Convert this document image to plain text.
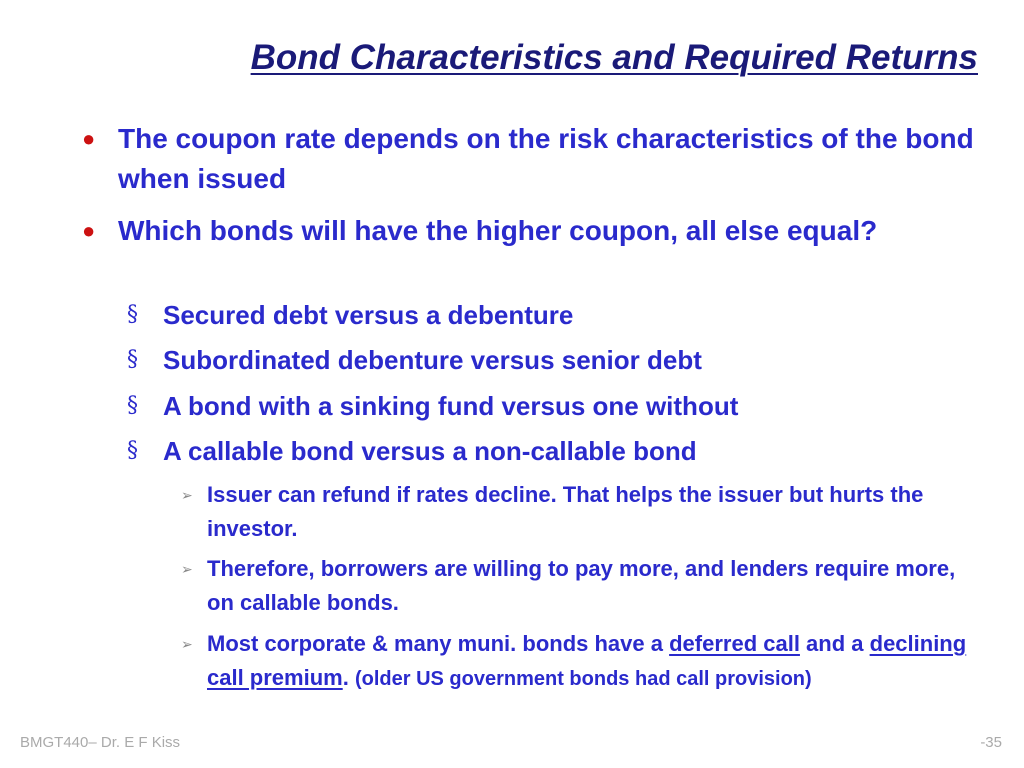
Bond Characteristics and Required Returns
● The coupon rate depends on the risk characteristics of the bond when issued
● Which bonds will have the higher coupon, all else equal?
§ Secured debt versus a debenture
§ Subordinated debenture versus senior debt
§ A bond with a sinking fund versus one without
§ A callable bond versus a non-callable bond
➢ Issuer can refund if rates decline. That helps the issuer but hurts the investor.
➢ Therefore, borrowers are willing to pay more, and lenders require more, on callable bonds.
➢ Most corporate & many muni. bonds have a deferred call and a declining call premium. (older US government bonds had call provision)
BMGT440– Dr. E F Kiss	-35
